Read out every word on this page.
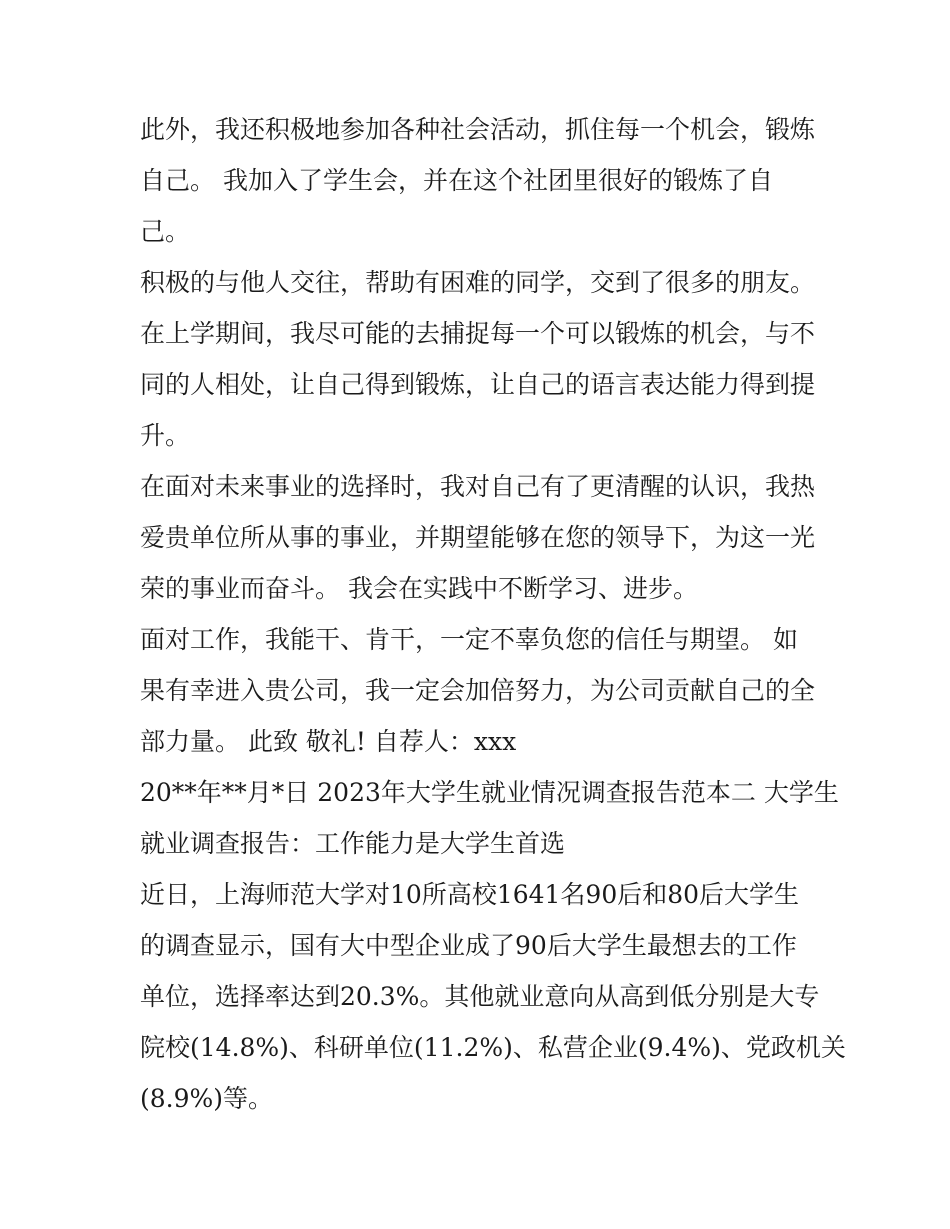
此外，我还积极地参加各种社会活动，抓住每一个机会，锻炼
自己。 我加入了学生会，并在这个社团里很好的锻炼了自
己。
积极的与他人交往，帮助有困难的同学，交到了很多的朋友。
在上学期间，我尽可能的去捕捉每一个可以锻炼的机会，与不
同的人相处，让自己得到锻炼，让自己的语言表达能力得到提
升。
在面对未来事业的选择时，我对自己有了更清醒的认识，我热
爱贵单位所从事的事业，并期望能够在您的领导下，为这一光
荣的事业而奋斗。 我会在实践中不断学习、进步。
面对工作，我能干、肯干，一定不辜负您的信任与期望。 如
果有幸进入贵公司，我一定会加倍努力，为公司贡献自己的全
部力量。 此致 敬礼! 自荐人：xxx
20**年**月*日 2023年大学生就业情况调查报告范本二 大学生
就业调查报告：工作能力是大学生首选
近日，上海师范大学对10所高校1641名90后和80后大学生
的调查显示，国有大中型企业成了90后大学生最想去的工作
单位，选择率达到20.3%。其他就业意向从高到低分别是大专
院校(14.8%)、科研单位(11.2%)、私营企业(9.4%)、党政机关
(8.9%)等。
